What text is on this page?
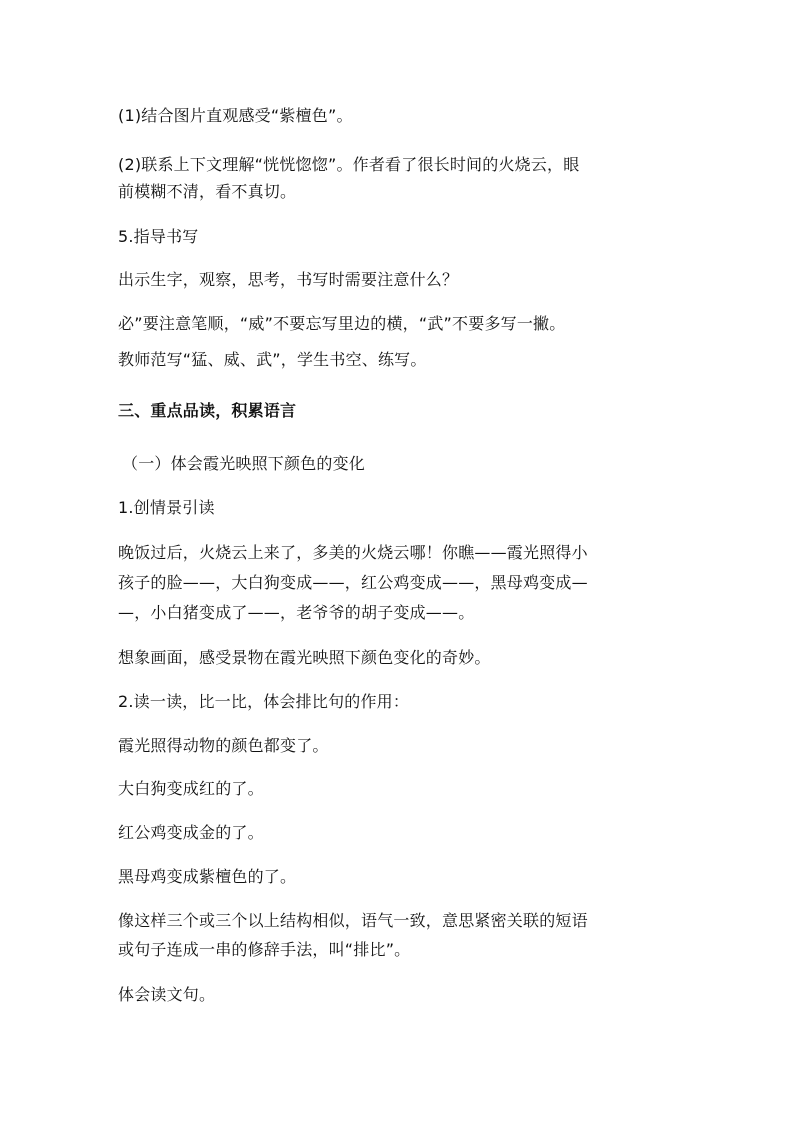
(1)结合图片直观感受“紫檀色”。
(2)联系上下文理解“恍恍惚惚”。作者看了很长时间的火烧云，眼
前模糊不清，看不真切。
5.指导书写
出示生字，观察，思考，书写时需要注意什么？
必”要注意笔顺，“威”不要忘写里边的横，“武”不要多写一撇。
教师范写“猛、威、武”，学生书空、练写。
三、重点品读，积累语言
（一）体会霞光映照下颜色的变化
1.创情景引读
晚饭过后，火烧云上来了，多美的火烧云哪！你瞧——霞光照得小
孩子的脸——，大白狗变成——，红公鸡变成——，黑母鸡变成—
—，小白猪变成了——，老爷爷的胡子变成——。
想象画面，感受景物在霞光映照下颜色变化的奇妙。
2.读一读，比一比，体会排比句的作用：
霞光照得动物的颜色都变了。
大白狗变成红的了。
红公鸡变成金的了。
黑母鸡变成紫檀色的了。
像这样三个或三个以上结构相似，语气一致，意思紧密关联的短语
或句子连成一串的修辞手法，叫“排比”。
体会读文句。
